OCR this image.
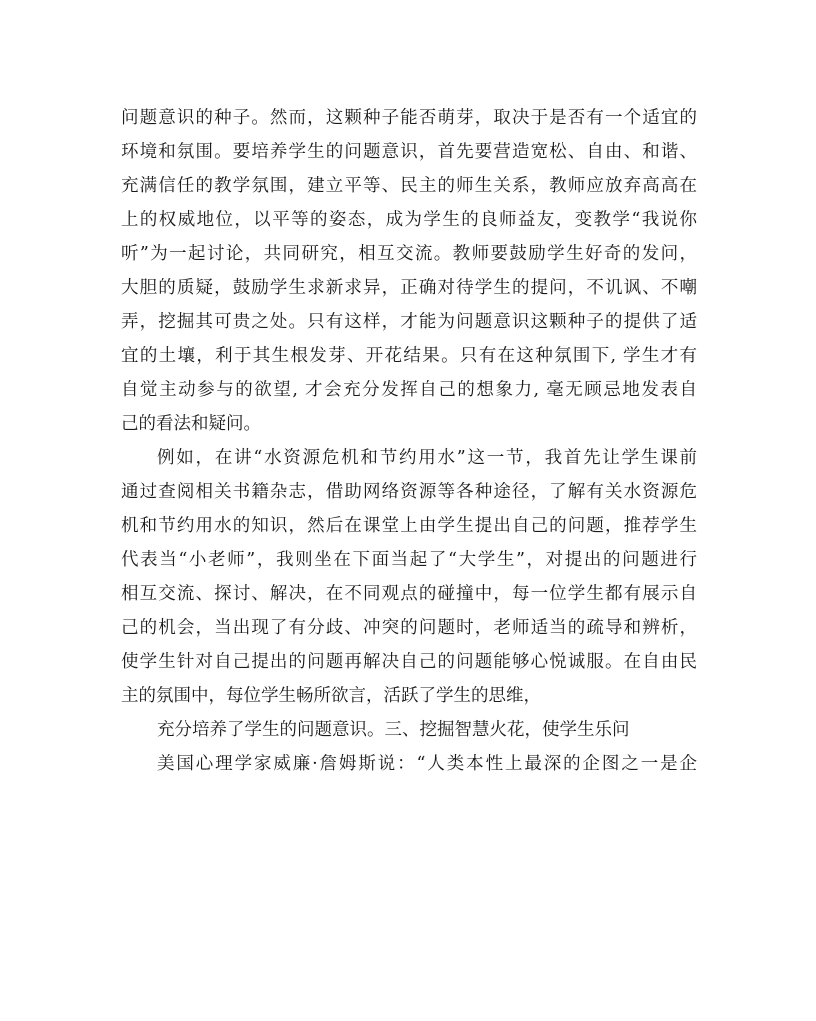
问题意识的种子。然而，这颗种子能否萌芽，取决于是否有一个适宜的
环境和氛围。要培养学生的问题意识，首先要营造宽松、自由、和谐、
充满信任的教学氛围，建立平等、民主的师生关系，教师应放弃高高在
上的权威地位，以平等的姿态，成为学生的良师益友，变教学“我说你
听”为一起讨论，共同研究，相互交流。教师要鼓励学生好奇的发问，
大胆的质疑，鼓励学生求新求异，正确对待学生的提问，不讥讽、不嘲
弄，挖掘其可贵之处。只有这样，才能为问题意识这颗种子的提供了适
宜的土壤，利于其生根发芽、开花结果。只有在这种氛围下, 学生才有
自觉主动参与的欲望, 才会充分发挥自己的想象力, 毫无顾忌地发表自
己的看法和疑问。
例如，在讲“水资源危机和节约用水”这一节，我首先让学生课前
通过查阅相关书籍杂志，借助网络资源等各种途径，了解有关水资源危
机和节约用水的知识，然后在课堂上由学生提出自己的问题，推荐学生
代表当“小老师”，我则坐在下面当起了“大学生”，对提出的问题进行
相互交流、探讨、解决，在不同观点的碰撞中，每一位学生都有展示自
己的机会，当出现了有分歧、冲突的问题时，老师适当的疏导和辨析，
使学生针对自己提出的问题再解决自己的问题能够心悦诚服。在自由民
主的氛围中，每位学生畅所欲言，活跃了学生的思维，
充分培养了学生的问题意识。三、挖掘智慧火花，使学生乐问
美国心理学家威廉·詹姆斯说：“人类本性上最深的企图之一是企
